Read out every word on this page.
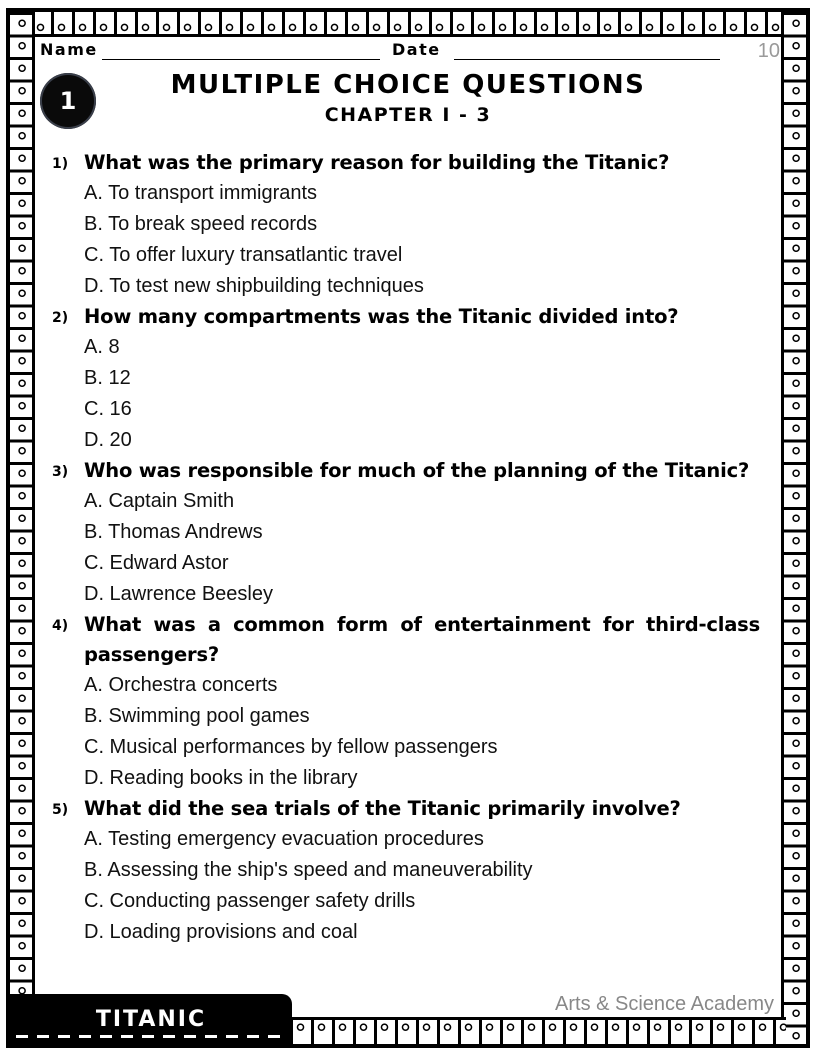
Name	Date	10
1
MULTIPLE CHOICE QUESTIONS
CHAPTER I - 3
1) What was the primary reason for building the Titanic?
A. To transport immigrants
B. To break speed records
C. To offer luxury transatlantic travel
D. To test new shipbuilding techniques
2) How many compartments was the Titanic divided into?
A. 8
B. 12
C. 16
D. 20
3) Who was responsible for much of the planning of the Titanic?
A. Captain Smith
B. Thomas Andrews
C. Edward Astor
D. Lawrence Beesley
4) What was a common form of entertainment for third-class passengers?
A. Orchestra concerts
B. Swimming pool games
C. Musical performances by fellow passengers
D. Reading books in the library
5) What did the sea trials of the Titanic primarily involve?
A. Testing emergency evacuation procedures
B. Assessing the ship's speed and maneuverability
C. Conducting passenger safety drills
D. Loading provisions and coal
TITANIC
Arts & Science Academy
